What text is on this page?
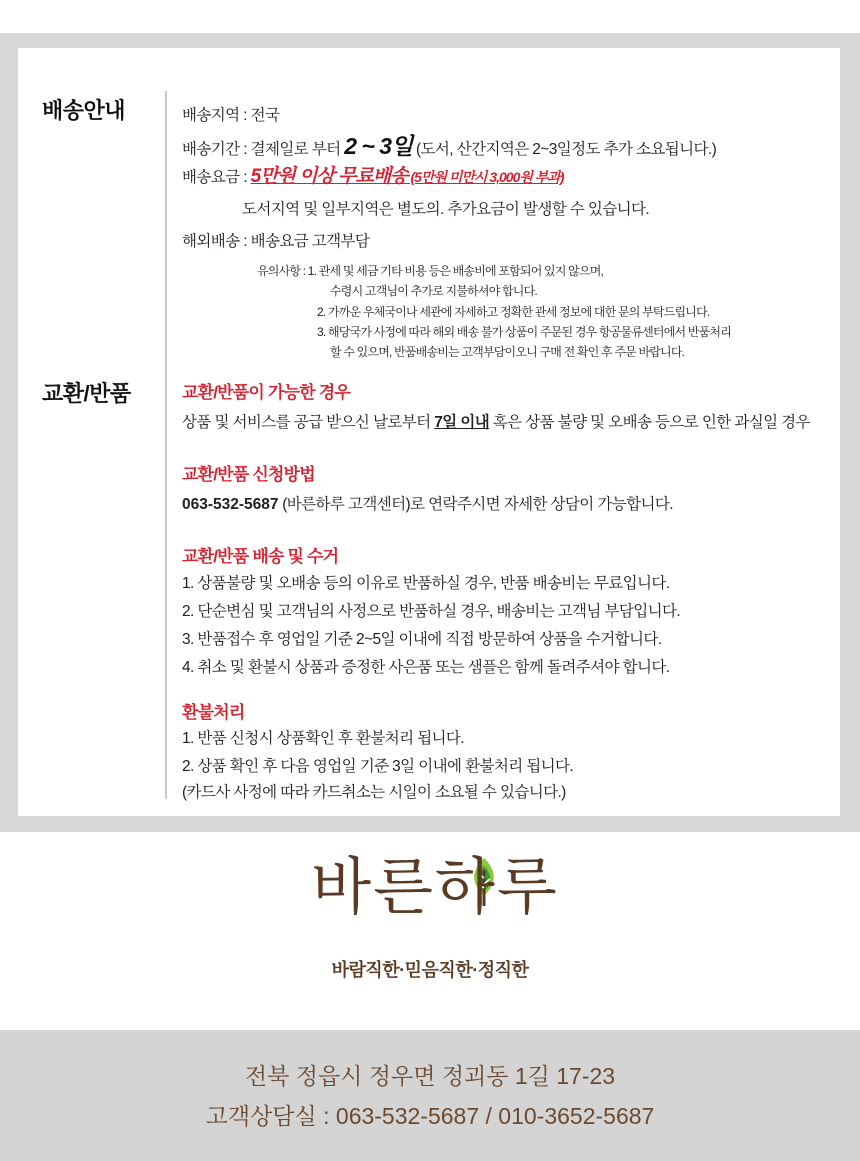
배송안내	배송지역 : 전국
배송기간 : 결제일로 부터 2 ~ 3일 (도서, 산간지역은 2~3일정도 추가 소요됩니다.)
배송요금 : 5만원 이상 무료배송 (5만원 미만시 3,000원 부과)
도서지역 및 일부지역은 별도의. 추가요금이 발생할 수 있습니다.
해외배송 : 배송요금 고객부담
유의사항 : 1. 관세 및 세금 기타 비용 등은 배송비에 포함되어 있지 않으며,
수령시 고객님이 추가로 지불하셔야 합니다.
2. 가까운 우체국이나 세관에 자세하고 정확한 관세 정보에 대한 문의 부탁드립니다.
3. 해당국가 사정에 따라 해외 배송 불가 상품이 주문된 경우 항공물류센터에서 반품처리
할 수 있으며, 반품배송비는 고객부담이오니 구매 전 확인 후 주문 바랍니다.
교환/반품	교환/반품이 가능한 경우
상품 및 서비스를 공급 받으신 날로부터 7일 이내 혹은 상품 불량 및 오배송 등으로 인한 과실일 경우
교환/반품 신청방법
063-532-5687 (바른하루 고객센터)로 연락주시면 자세한 상담이 가능합니다.
교환/반품 배송 및 수거
1. 상품불량 및 오배송 등의 이유로 반품하실 경우, 반품 배송비는 무료입니다.
2. 단순변심 및 고객님의 사정으로 반품하실 경우, 배송비는 고객님 부담입니다.
3. 반품접수 후 영업일 기준 2~5일 이내에 직접 방문하여 상품을 수거합니다.
4. 취소 및 환불시 상품과 증정한 사은품 또는 샘플은 함께 돌려주셔야 합니다.
환불처리
1. 반품 신청시 상품확인 후 환불처리 됩니다.
2. 상품 확인 후 다음 영업일 기준 3일 이내에 환불처리 됩니다.
(카드사 사정에 따라 카드취소는 시일이 소요될 수 있습니다.)
바른하루
바람직한·믿음직한·정직한
전북 정읍시 정우면 정괴동 1길 17-23
고객상담실 : 063-532-5687 / 010-3652-5687
